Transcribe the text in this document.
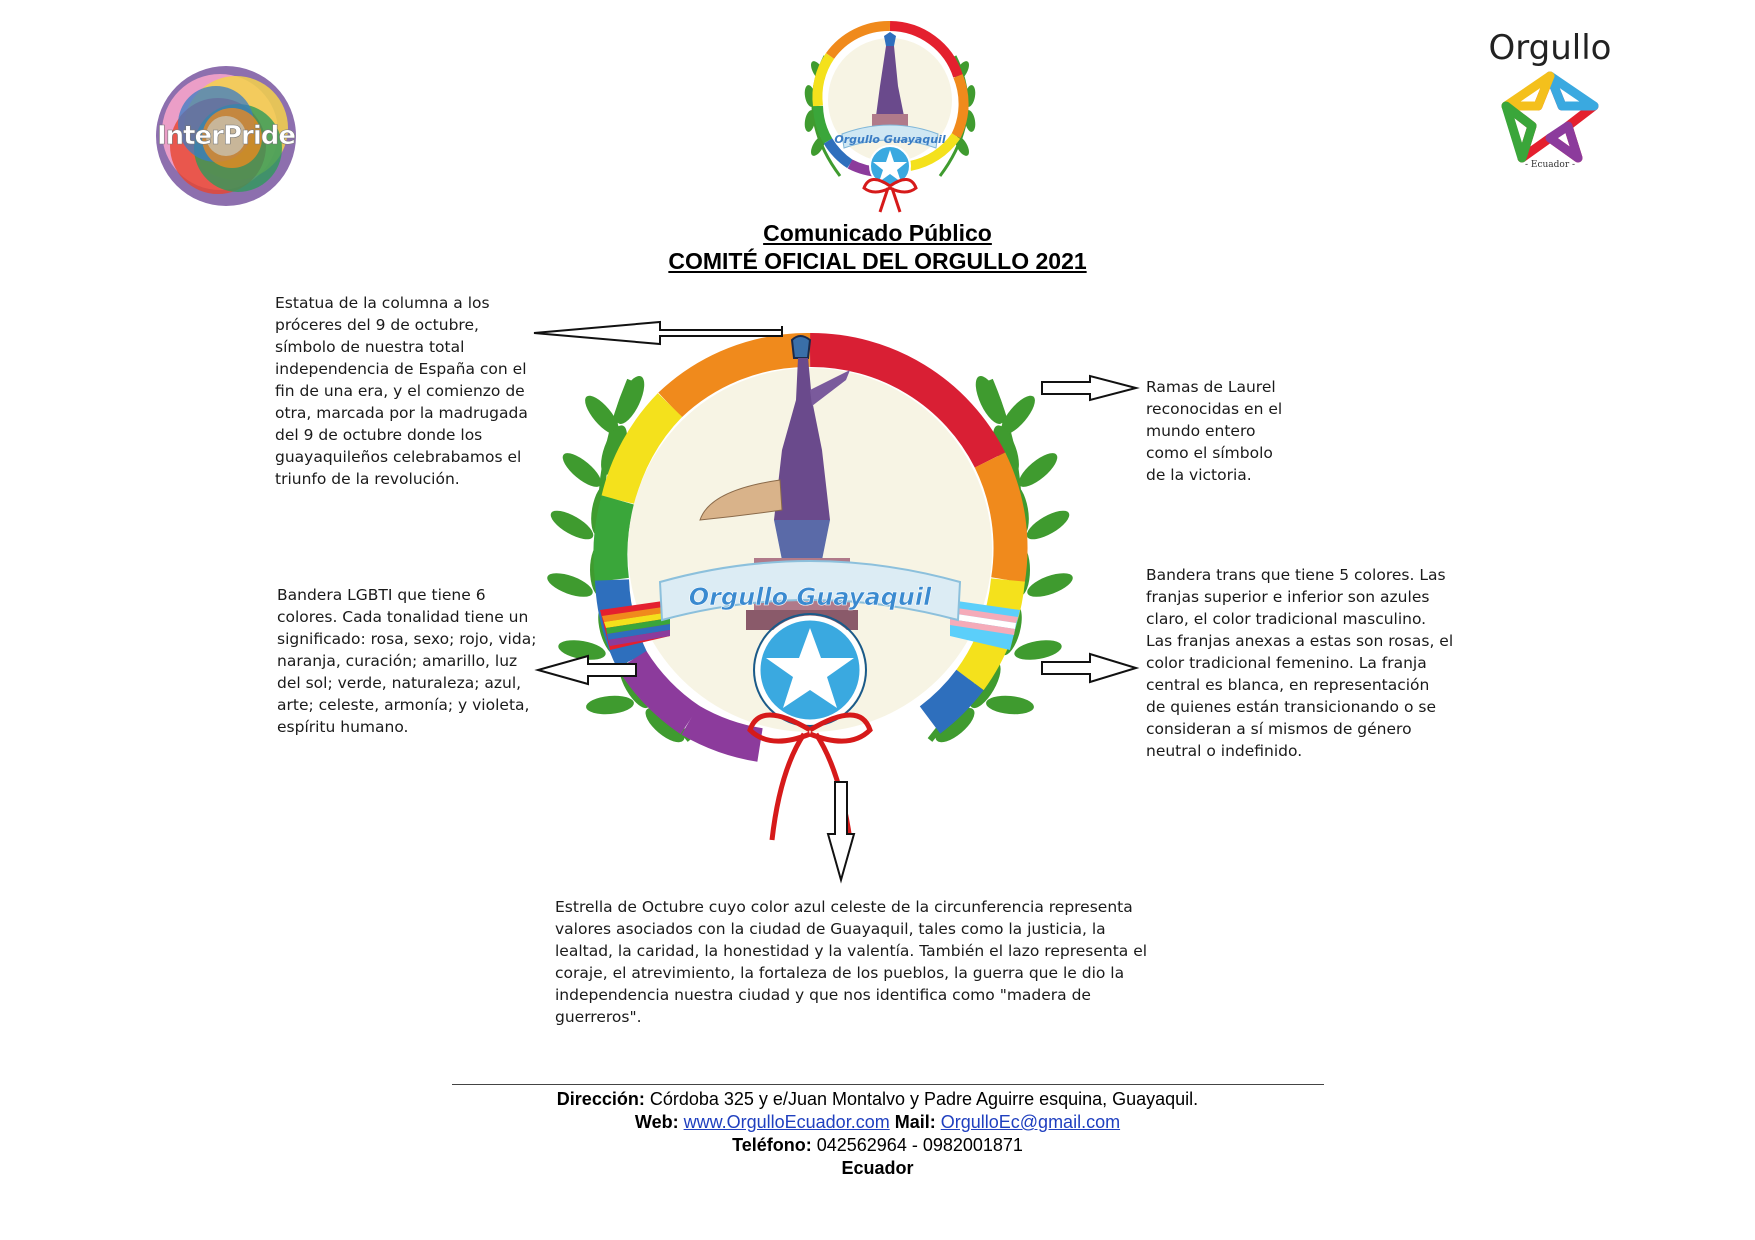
InterPride	Orgullo Guayaquil
Orgullo
- Ecuador -
Comunicado Público
COMITÉ OFICIAL DEL ORGULLO 2021
Orgullo Guayaquil

Estatua de la columna a los

próceres del 9 de octubre,

símbolo de nuestra total

independencia de España con el

fin de una era, y el comienzo de

otra, marcada por la madrugada

del 9 de octubre donde los

guayaquileños celebrabamos el

triunfo de la revolución.

Ramas de Laurel

reconocidas en el

mundo entero

como el símbolo

de la victoria.

Bandera LGBTI que tiene 6

colores. Cada tonalidad tiene un

significado: rosa, sexo; rojo, vida;

naranja, curación; amarillo, luz

del sol; verde, naturaleza; azul,

arte; celeste, armonía; y violeta,

espíritu humano.

Bandera trans que tiene 5 colores. Las

franjas superior e inferior son azules

claro, el color tradicional masculino.

Las franjas anexas a estas son rosas, el

color tradicional femenino. La franja

central es blanca, en representación

de quienes están transicionando o se

consideran a sí mismos de género

neutral o indefinido.

Estrella de Octubre cuyo color azul celeste de la circunferencia representa

valores asociados con la ciudad de Guayaquil, tales como la justicia, la

lealtad, la caridad, la honestidad y la valentía. También el lazo representa el

coraje, el atrevimiento, la fortaleza de los pueblos, la guerra que le dio la

independencia nuestra ciudad y que nos identifica como "madera de

guerreros".

Dirección: Córdoba 325 y e/Juan Montalvo y Padre Aguirre esquina, Guayaquil.
Web: www.OrgulloEcuador.com Mail: OrgulloEc@gmail.com
Teléfono: 042562964 - 0982001871
Ecuador
